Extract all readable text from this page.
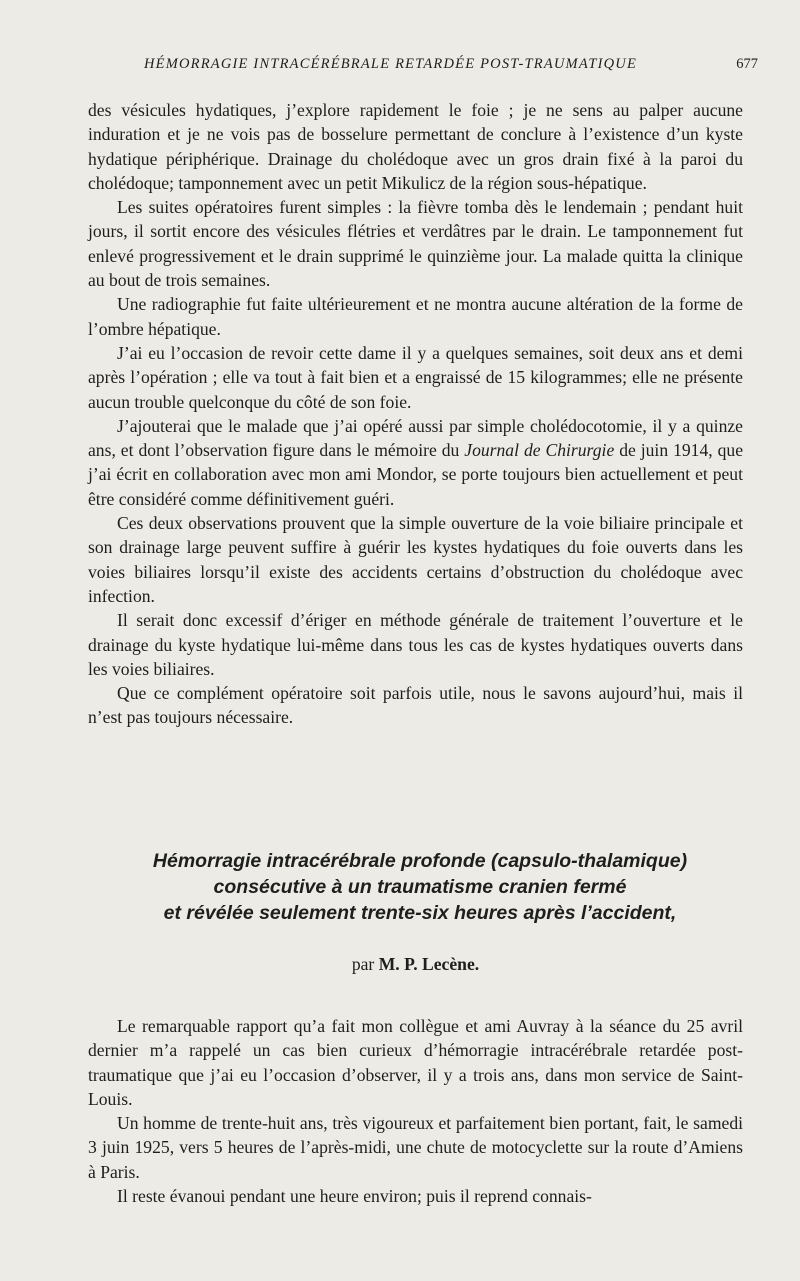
HÉMORRAGIE INTRACÉRÉBRALE RETARDÉE POST-TRAUMATIQUE	677

des vésicules hydatiques, j’explore rapidement le foie ; je ne sens au palper aucune induration et je ne vois pas de bosselure permettant de conclure à l’existence d’un kyste hydatique périphérique. Drainage du cholédoque avec un gros drain fixé à la paroi du cholédoque; tamponnement avec un petit Mikulicz de la région sous-hépatique.

Les suites opératoires furent simples : la fièvre tomba dès le lendemain ; pendant huit jours, il sortit encore des vésicules flétries et verdâtres par le drain. Le tamponnement fut enlevé progressivement et le drain supprimé le quinzième jour. La malade quitta la clinique au bout de trois semaines.

Une radiographie fut faite ultérieurement et ne montra aucune altération de la forme de l’ombre hépatique.

J’ai eu l’occasion de revoir cette dame il y a quelques semaines, soit deux ans et demi après l’opération ; elle va tout à fait bien et a engraissé de 15 kilogrammes; elle ne présente aucun trouble quelconque du côté de son foie.

J’ajouterai que le malade que j’ai opéré aussi par simple cholédocotomie, il y a quinze ans, et dont l’observation figure dans le mémoire du Journal de Chirurgie de juin 1914, que j’ai écrit en collaboration avec mon ami Mondor, se porte toujours bien actuellement et peut être considéré comme définitivement guéri.

Ces deux observations prouvent que la simple ouverture de la voie biliaire principale et son drainage large peuvent suffire à guérir les kystes hydatiques du foie ouverts dans les voies biliaires lorsqu’il existe des accidents certains d’obstruction du cholédoque avec infection.

Il serait donc excessif d’ériger en méthode générale de traitement l’ouverture et le drainage du kyste hydatique lui-même dans tous les cas de kystes hydatiques ouverts dans les voies biliaires.

Que ce complément opératoire soit parfois utile, nous le savons aujourd’hui, mais il n’est pas toujours nécessaire.

Hémorragie intracérébrale profonde (capsulo-thalamique)
consécutive à un traumatisme cranien fermé
et révélée seulement trente-six heures après l’accident,
par M. P. Lecène.

Le remarquable rapport qu’a fait mon collègue et ami Auvray à la séance du 25 avril dernier m’a rappelé un cas bien curieux d’hémorragie intracérébrale retardée post-traumatique que j’ai eu l’occasion d’observer, il y a trois ans, dans mon service de Saint-Louis.

Un homme de trente-huit ans, très vigoureux et parfaitement bien portant, fait, le samedi 3 juin 1925, vers 5 heures de l’après-midi, une chute de motocyclette sur la route d’Amiens à Paris.

Il reste évanoui pendant une heure environ; puis il reprend connais-
